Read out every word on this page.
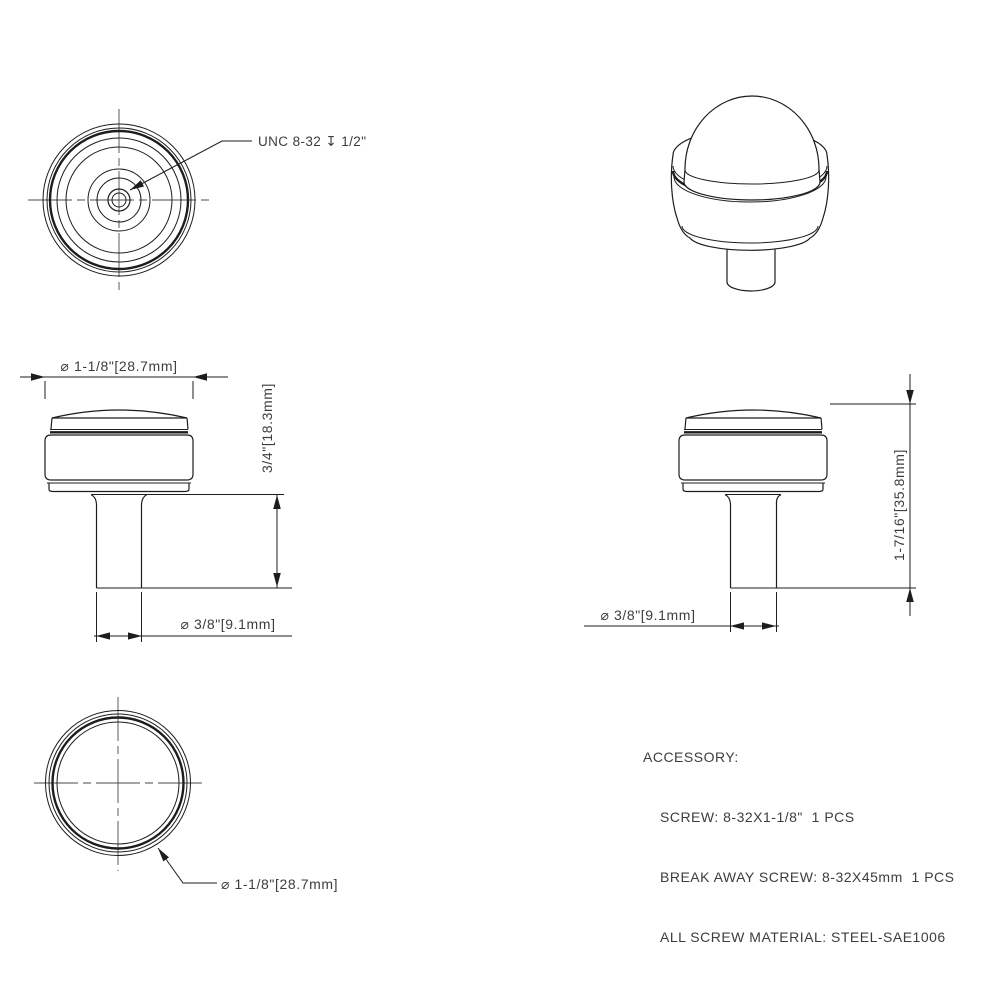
UNC 8-32 ↧ 1/2"
⌀ 1-1/8"[28.7mm]
3/4"[18.3mm]
⌀ 3/8"[9.1mm]
1-7/16"[35.8mm]
⌀ 3/8"[9.1mm]
⌀ 1-1/8"[28.7mm]

ACCESSORY:

SCREW: 8-32X1-1/8"  1 PCS

BREAK AWAY SCREW: 8-32X45mm  1 PCS

ALL SCREW MATERIAL: STEEL-SAE1006
